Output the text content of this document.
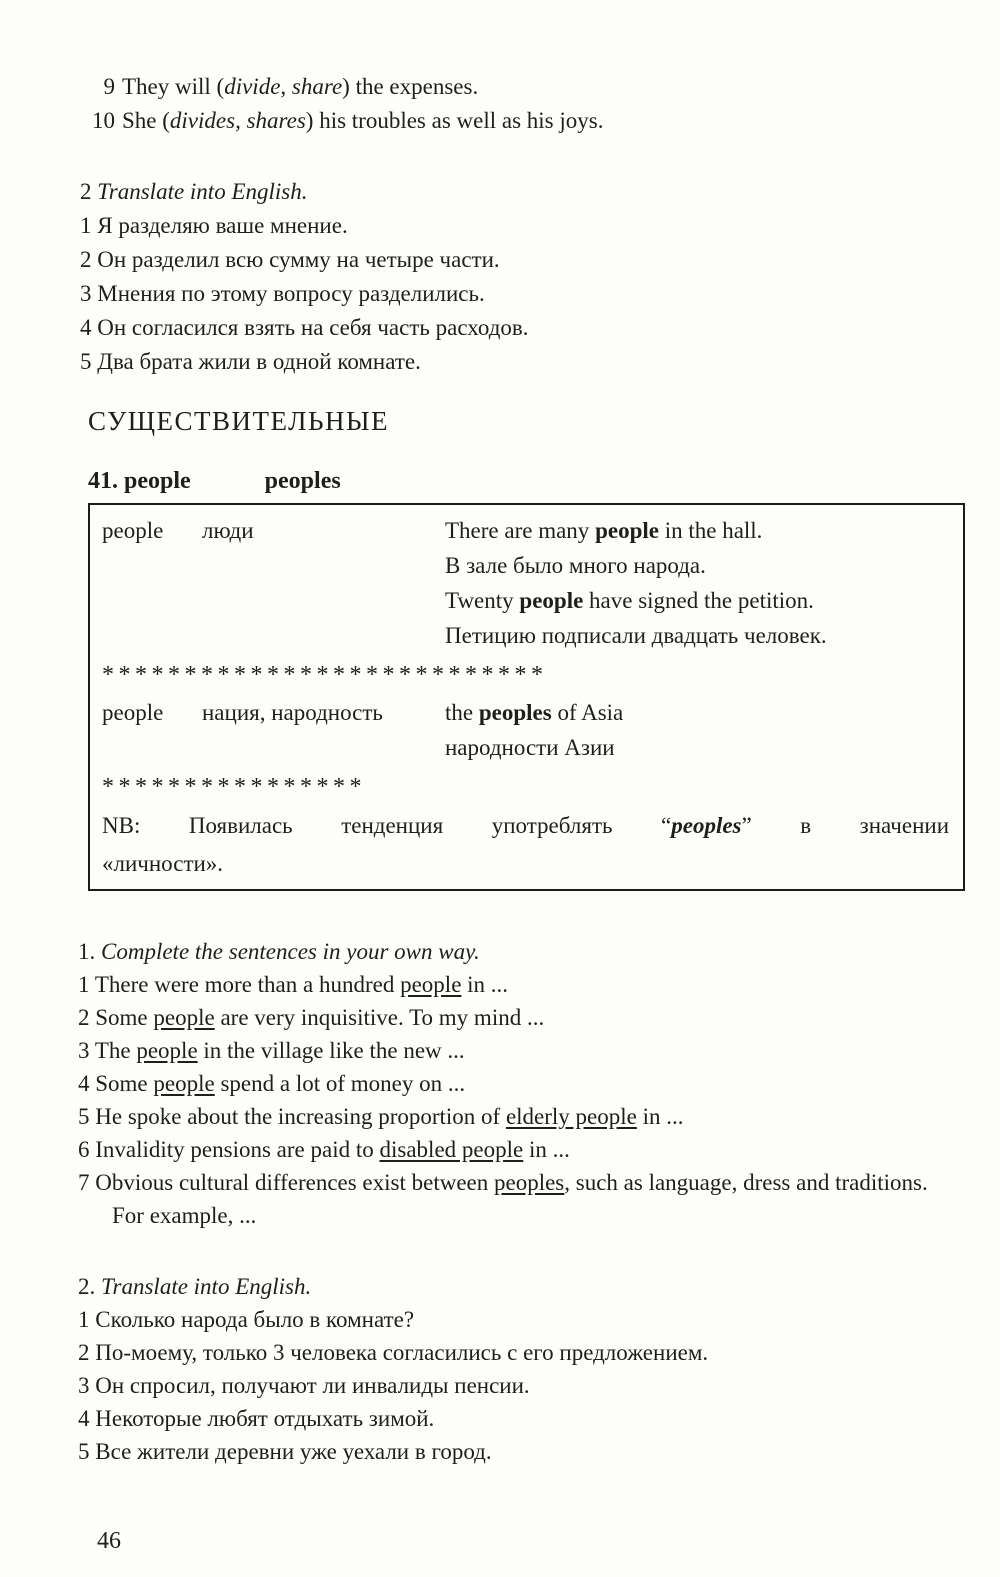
9 They will (divide, share) the expenses.
10 She (divides, shares) his troubles as well as his joys.
2 Translate into English.
1 Я разделяю ваше мнение.
2 Он разделил всю сумму на четыре части.
3 Мнения по этому вопросу разделились.
4 Он согласился взять на себя часть расходов.
5 Два брата жили в одной комнате.
СУЩЕСТВИТЕЛЬНЫЕ
41. people	peoples
people	люди	There are many people in the hall.
В зале было много народа.
Twenty people have signed the petition.
Петицию подписали двадцать человек.
***************************
people	нация, народность	the peoples of Asia
народности Азии
****************

NB: Появилась тенденция употреблять “peoples” в значении
«личности».

1. Complete the sentences in your own way.
1 There were more than a hundred people in ...
2 Some people are very inquisitive. To my mind ...
3 The people in the village like the new ...
4 Some people spend a lot of money on ...
5 He spoke about the increasing proportion of elderly people in ...
6 Invalidity pensions are paid to disabled people in ...
7 Obvious cultural differences exist between peoples, such as language, dress and traditions. For example, ...
2. Translate into English.
1 Сколько народа было в комнате?
2 По-моему, только 3 человека согласились с его предложением.
3 Он спросил, получают ли инвалиды пенсии.
4 Некоторые любят отдыхать зимой.
5 Все жители деревни уже уехали в город.
46
